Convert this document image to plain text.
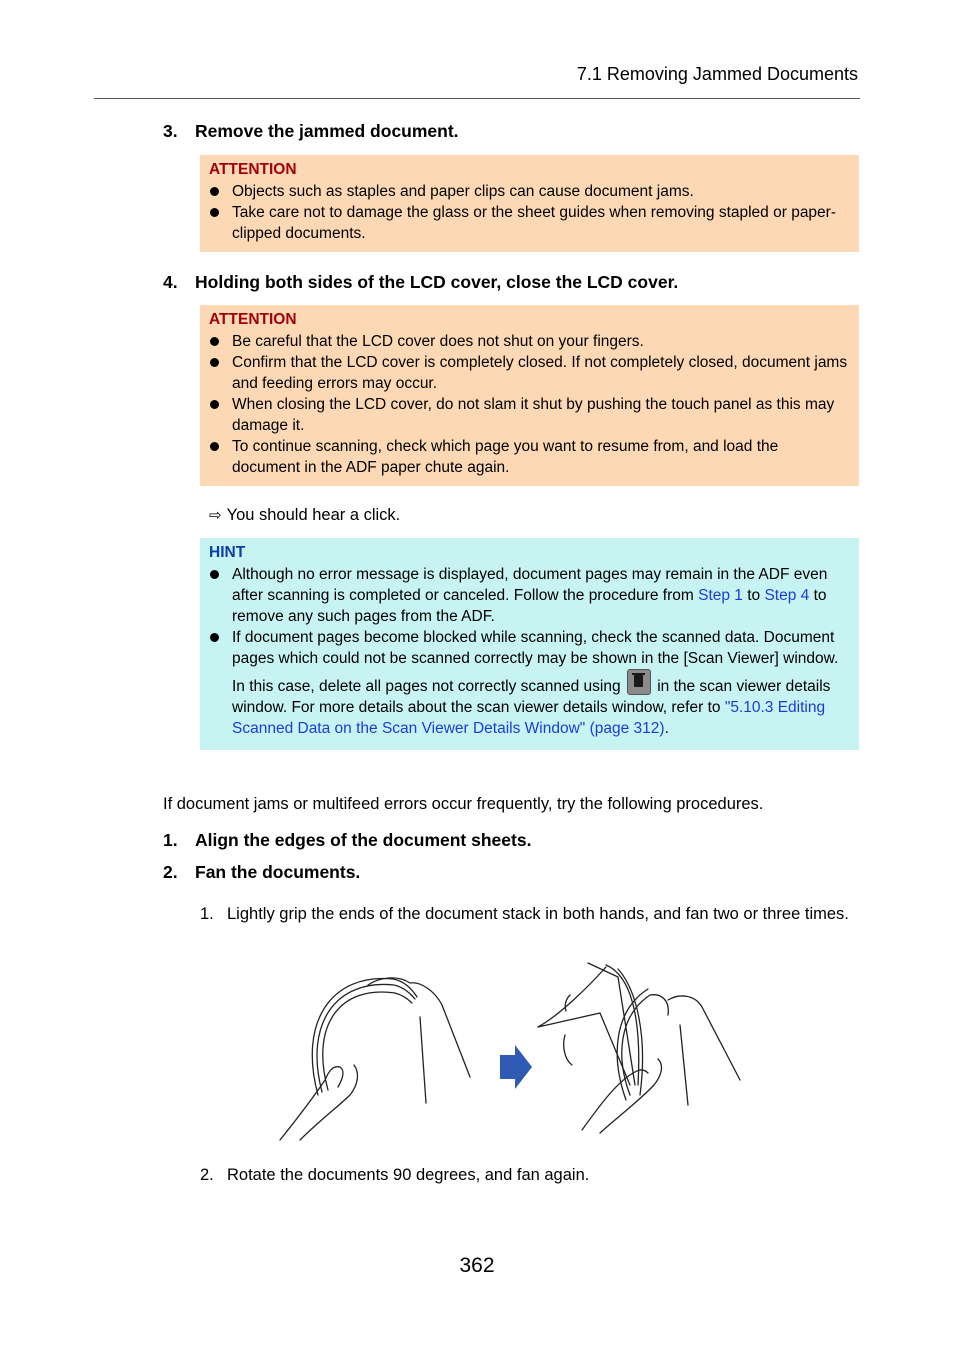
7.1 Removing Jammed Documents
3. Remove the jammed document.
ATTENTION
Objects such as staples and paper clips can cause document jams.
Take care not to damage the glass or the sheet guides when removing stapled or paper-clipped documents.
4. Holding both sides of the LCD cover, close the LCD cover.
ATTENTION
Be careful that the LCD cover does not shut on your fingers.
Confirm that the LCD cover is completely closed. If not completely closed, document jams and feeding errors may occur.
When closing the LCD cover, do not slam it shut by pushing the touch panel as this may damage it.
To continue scanning, check which page you want to resume from, and load the document in the ADF paper chute again.
⇨ You should hear a click.
HINT
Although no error message is displayed, document pages may remain in the ADF even after scanning is completed or canceled. Follow the procedure from Step 1 to Step 4 to remove any such pages from the ADF.
If document pages become blocked while scanning, check the scanned data. Document pages which could not be scanned correctly may be shown in the [Scan Viewer] window. In this case, delete all pages not correctly scanned using  in the scan viewer details window. For more details about the scan viewer details window, refer to "5.10.3 Editing Scanned Data on the Scan Viewer Details Window" (page 312).
If document jams or multifeed errors occur frequently, try the following procedures.
1. Align the edges of the document sheets.
2. Fan the documents.
1. Lightly grip the ends of the document stack in both hands, and fan two or three times.
2. Rotate the documents 90 degrees, and fan again.
362
